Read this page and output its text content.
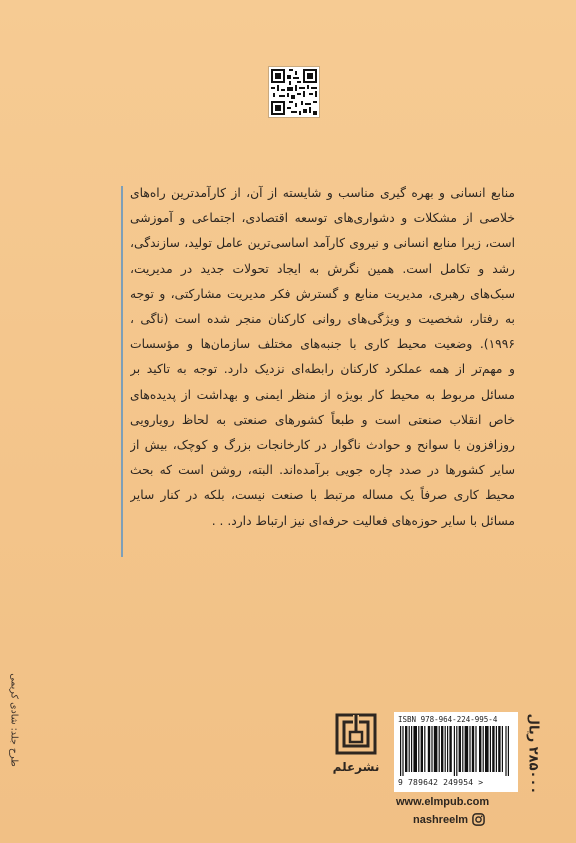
منابع انسانی و بهره گیری مناسب و شایسته از آن، از کارآمدترین راه‌های
خلاصی از مشکلات و دشواری‌های توسعه اقتصادی، اجتماعی و آموزشی
است، زیرا منابع انسانی و نیروی کارآمد اساسی‌ترین عامل تولید، سازندگی،
رشد و تکامل است. همین نگرش به ایجاد تحولات جدید در مدیریت،
سبک‌های رهبری، مدیریت منابع و گسترش فکر مدیریت مشارکتی، و توجه
به رفتار، شخصیت و ویژگی‌های روانی کارکنان منجر شده است (ناگی ،
۱۹۹۶). وضعیت محیط کاری با جنبه‌های مختلف سازمان‌ها و مؤسسات
و مهم‌تر از همه عملکرد کارکنان رابطه‌ای نزدیک دارد. توجه به تاکید بر
مسائل مربوط به محیط کار بویژه از منظر ایمنی و بهداشت از پدیده‌های
خاص انقلاب صنعتی است و طبعاً کشورهای صنعتی به لحاظ رویارویی
روزافزون با سوانح و حوادث ناگوار در کارخانجات بزرگ و کوچک، بیش از
سایر کشورها در صدد چاره جویی برآمده‌اند. البته، روشن است که بحث
محیط کاری صرفاً یک مساله مرتبط با صنعت نیست، بلکه در کنار سایر
مسائل با سایر حوزه‌های فعالیت حرفه‌ای نیز ارتباط دارد. . .
طرح جلد: شادی کریمی
نشرعلم
ISBN 978-964-224-995-4
9 789642 249954 >
۲۸۵۰۰۰ ریال
www.elmpub.com
nashreelm
